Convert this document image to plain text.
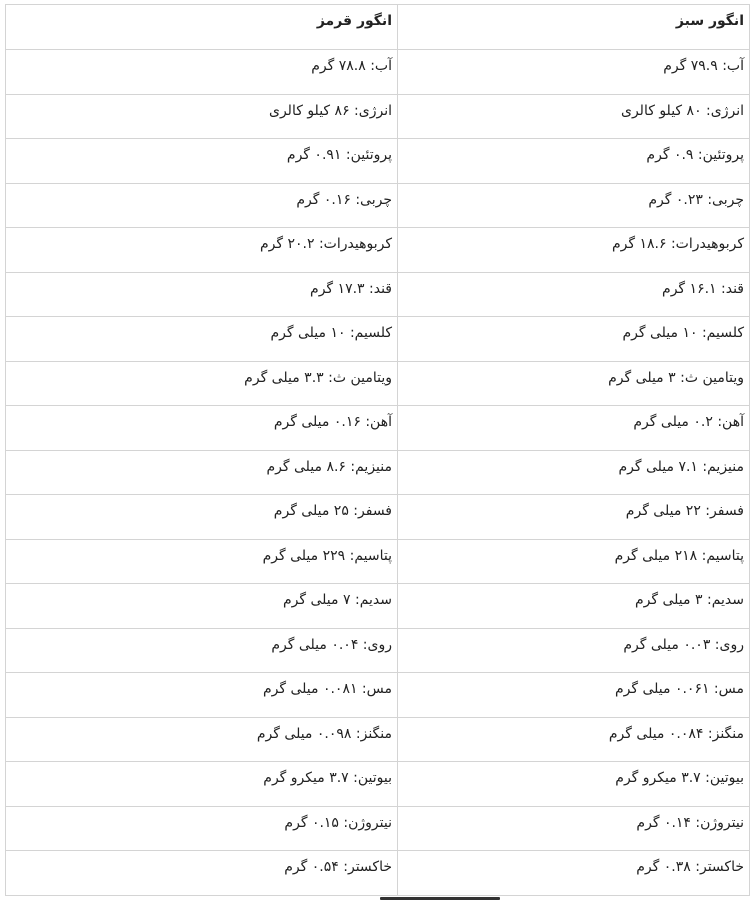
انگور سبز	انگور قرمز
آب: ۷۹.۹ گرم	آب: ۷۸.۸ گرم
انرژی: ۸۰ کیلو کالری	انرژی: ۸۶ کیلو کالری
پروتئین: ۰.۹ گرم	پروتئین: ۰.۹۱ گرم
چربی: ۰.۲۳ گرم	چربی: ۰.۱۶ گرم
کربوهیدرات: ۱۸.۶ گرم	کربوهیدرات: ۲۰.۲ گرم
قند: ۱۶.۱ گرم	قند: ۱۷.۳ گرم
کلسیم: ۱۰ میلی گرم	کلسیم: ۱۰ میلی گرم
ویتامین ث: ۳ میلی گرم	ویتامین ث: ۳.۳ میلی گرم
آهن: ۰.۲ میلی گرم	آهن: ۰.۱۶ میلی گرم
منیزیم: ۷.۱ میلی گرم	منیزیم: ۸.۶ میلی گرم
فسفر: ۲۲ میلی گرم	فسفر: ۲۵ میلی گرم
پتاسیم: ۲۱۸ میلی گرم	پتاسیم: ۲۲۹ میلی گرم
سدیم: ۳ میلی گرم	سدیم: ۷ میلی گرم
روی: ۰.۰۳ میلی گرم	روی: ۰.۰۴ میلی گرم
مس: ۰.۰۶۱ میلی گرم	مس: ۰.۰۸۱ میلی گرم
منگنز: ۰.۰۸۴ میلی گرم	منگنز: ۰.۰۹۸ میلی گرم
بیوتین: ۳.۷ میکرو گرم	بیوتین: ۳.۷ میکرو گرم
نیتروژن: ۰.۱۴ گرم	نیتروژن: ۰.۱۵ گرم
خاکستر: ۰.۳۸ گرم	خاکستر: ۰.۵۴ گرم
